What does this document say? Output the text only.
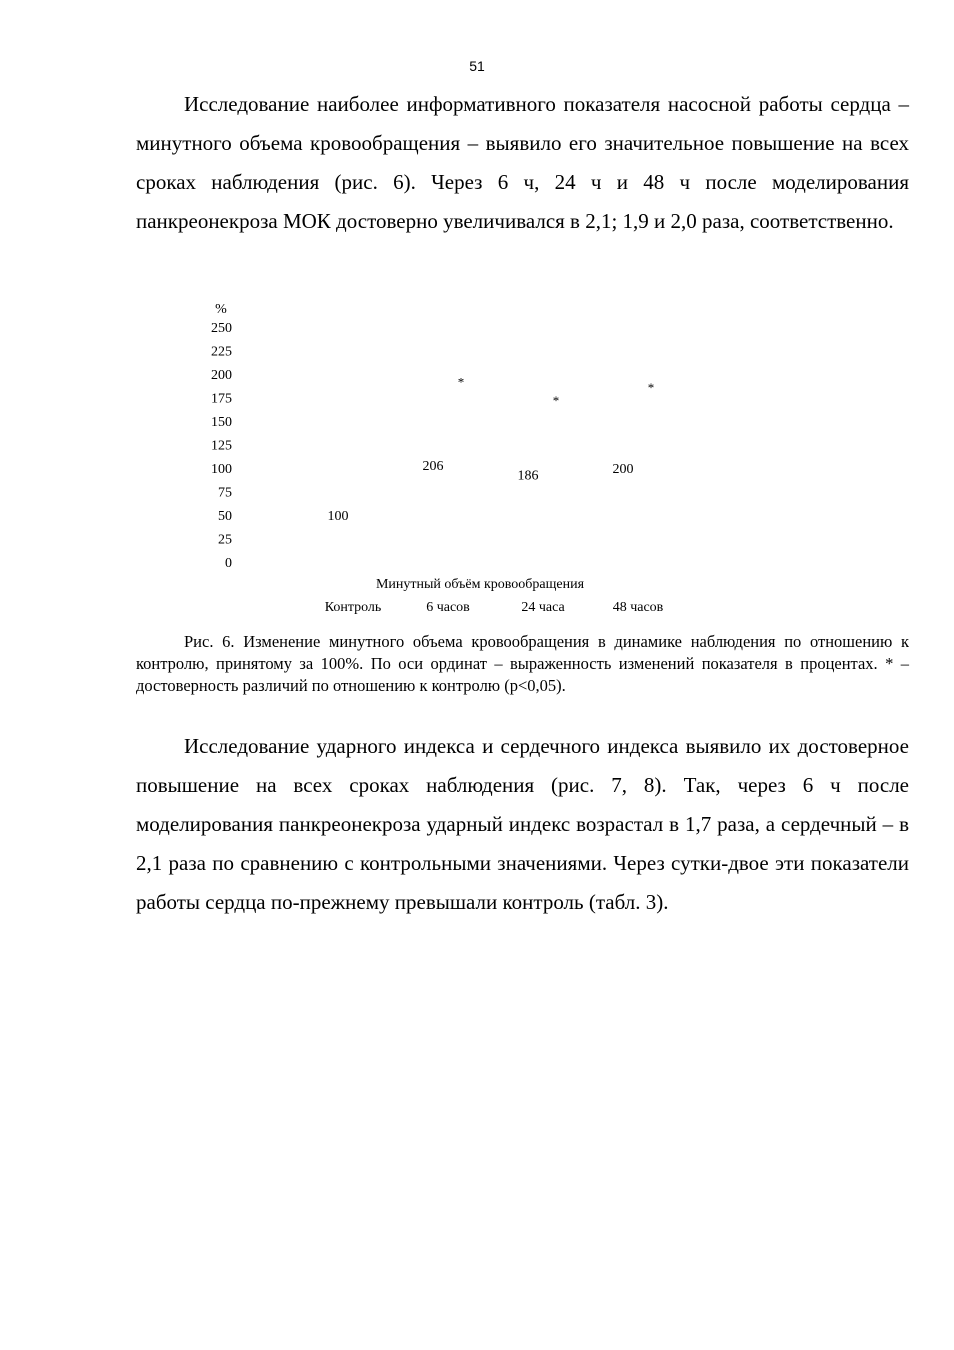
51

Исследование наиболее информативного показателя насосной работы сердца – минутного объема кровообращения – выявило его значительное повышение на всех сроках наблюдения (рис. 6). Через 6 ч, 24 ч и 48 ч после моделирования панкреонекроза МОК достоверно увеличивался в 2,1; 1,9 и 2,0 раза, соответственно.

%
0
25
50
75
100
125
150
175
200
225
250
100
206
186	200
*
*
*
Минутный объём кровообращения
Контроль	6 часов	24 часа	48 часов

Рис. 6. Изменение минутного объема кровообращения в динамике наблюдения по отношению к контролю, принятому за 100%. По оси ординат – выраженность изменений показателя в процентах. * – достоверность различий по отношению к контролю (р<0,05).

Исследование ударного индекса и сердечного индекса выявило их достоверное повышение на всех сроках наблюдения (рис. 7, 8). Так, через 6 ч после моделирования панкреонекроза ударный индекс возрастал в 1,7 раза, а сердечный – в 2,1 раза по сравнению с контрольными значениями. Через сутки-двое эти показатели работы сердца по-прежнему превышали контроль (табл. 3).
